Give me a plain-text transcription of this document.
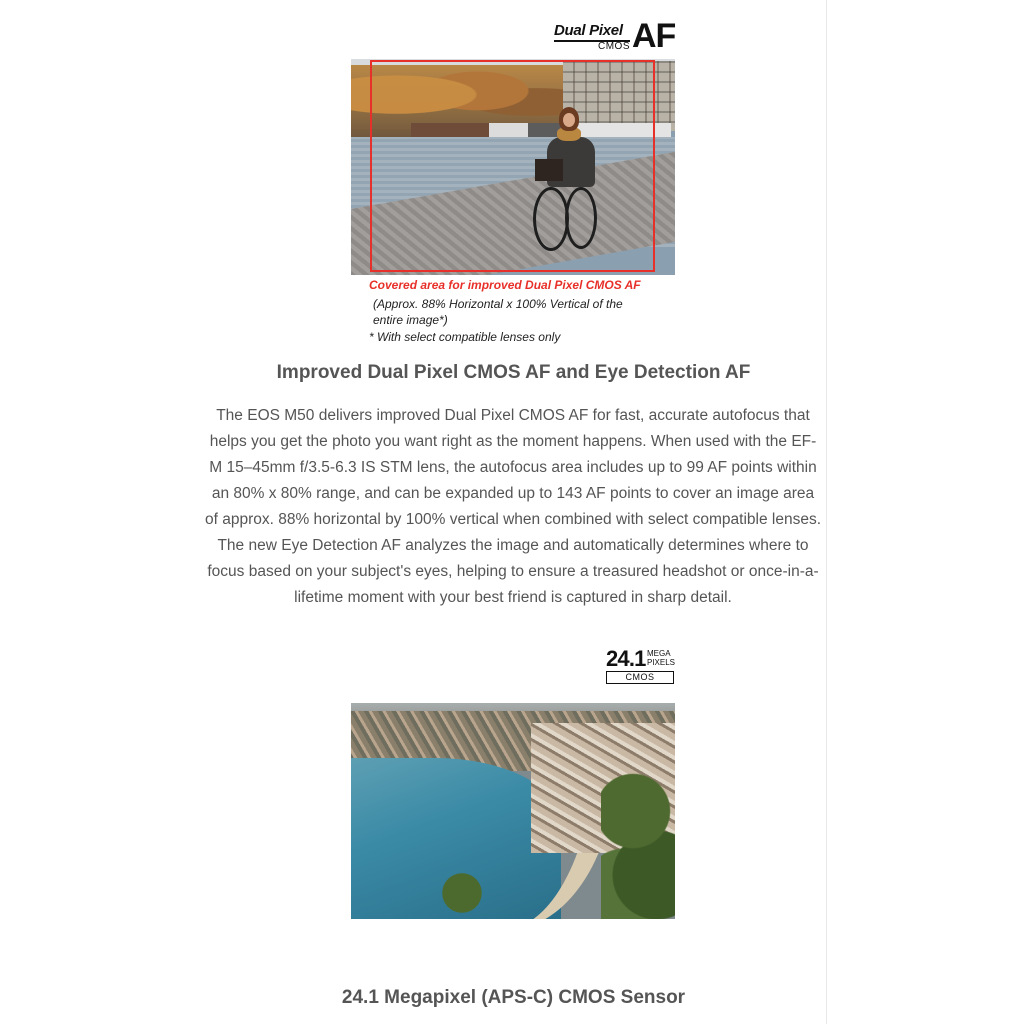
Dual Pixel
CMOS AF
Covered area for improved Dual Pixel CMOS AF
(Approx. 88% Horizontal x 100% Vertical of the entire image*)
* With select compatible lenses only
Improved Dual Pixel CMOS AF and Eye Detection AF
The EOS M50 delivers improved Dual Pixel CMOS AF for fast, accurate autofocus that helps you get the photo you want right as the moment happens. When used with the EF-M 15–45mm f/3.5-6.3 IS STM lens, the autofocus area includes up to 99 AF points within an 80% x 80% range, and can be expanded up to 143 AF points to cover an image area of approx. 88% horizontal by 100% vertical when combined with select compatible lenses. The new Eye Detection AF analyzes the image and automatically determines where to focus based on your subject's eyes, helping to ensure a treasured headshot or once-in-a-lifetime moment with your best friend is captured in sharp detail.
24.1 MEGA
PIXELS
CMOS
24.1 Megapixel (APS-C) CMOS Sensor
